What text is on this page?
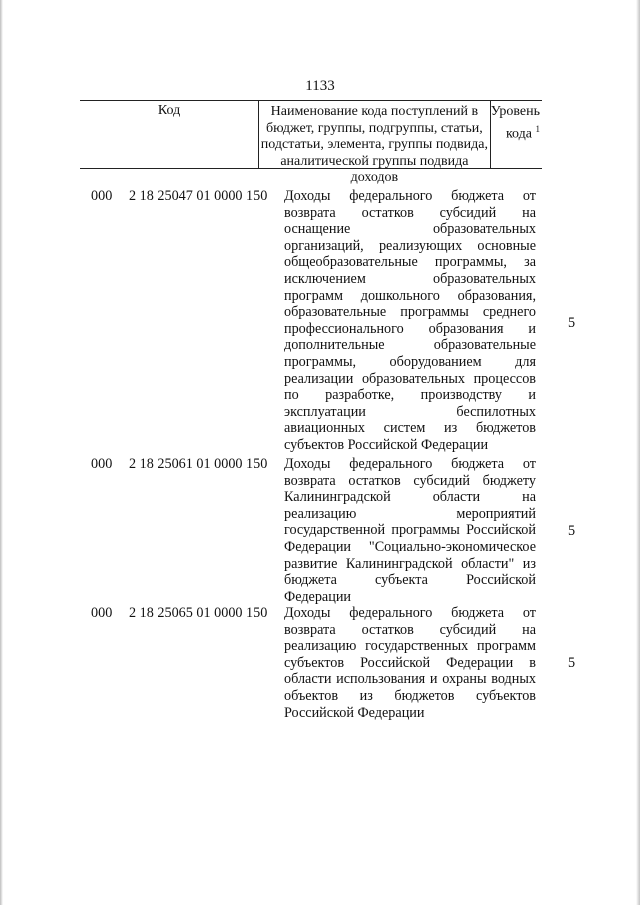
1133
Код	Наименование кода поступлений в
бюджет, группы, подгруппы, статьи,
подстатьи, элемента, группы подвида,
аналитической группы подвида доходов
Уровень
кода $^1$
000 2 18 25047 01 0000 150 Доходы федерального бюджета от
возврата остатков субсидий на
оснащение образовательных
организаций, реализующих основные
общеобразовательные программы, за
исключением образовательных
программ дошкольного образования,
образовательные программы среднего
профессионального образования и
дополнительные образовательные
программы, оборудованием для
реализации образовательных процессов
по разработке, производству и
эксплуатации беспилотных
авиационных систем из бюджетов
субъектов Российской Федерации
5
000 2 18 25061 01 0000 150 Доходы федерального бюджета от
возврата остатков субсидий бюджету
Калининградской области на
реализацию мероприятий
государственной программы Российской
Федерации "Социально-экономическое
развитие Калининградской области" из
бюджета субъекта Российской
Федерации
5
000 2 18 25065 01 0000 150 Доходы федерального бюджета от
возврата остатков субсидий на
реализацию государственных программ
субъектов Российской Федерации в
области использования и охраны водных
объектов из бюджетов субъектов
Российской Федерации
5
